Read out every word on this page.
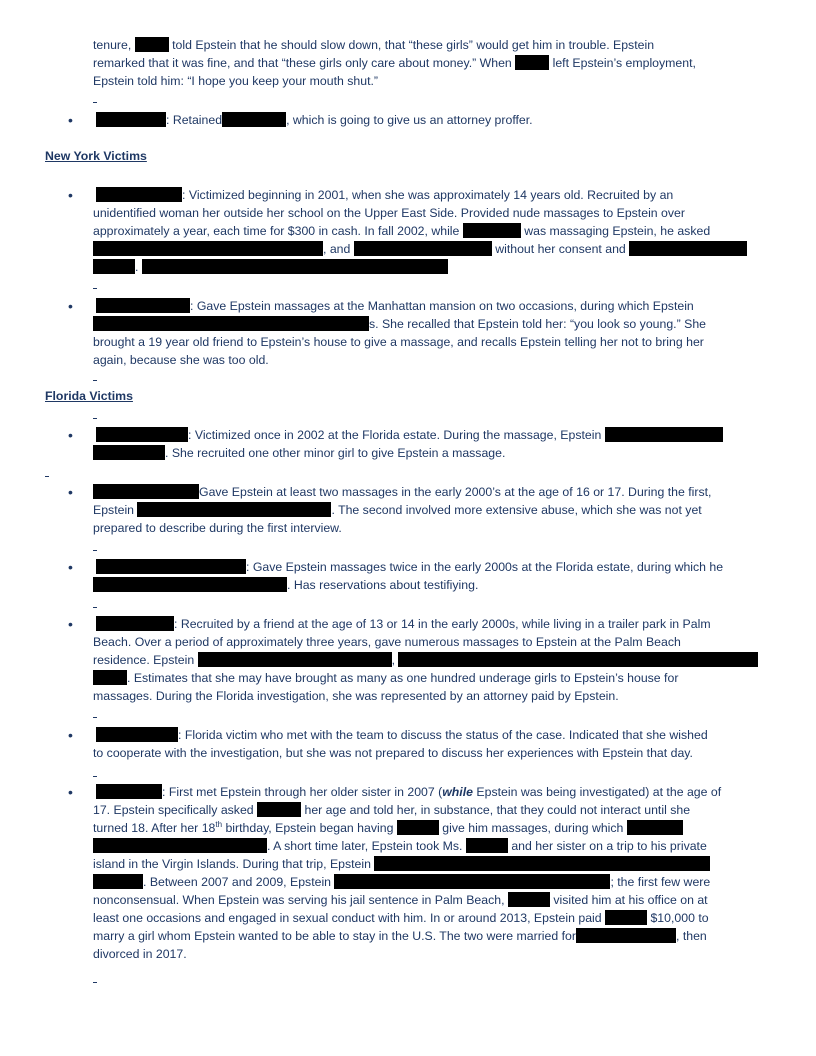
tenure,	told Epstein that he should slow down, that “these girls” would get him in trouble. Epstein
remarked that it was fine, and that “these girls only care about money.” When	left Epstein’s employment,
Epstein told him: “I hope you keep your mouth shut.”
•	: Retained	, which is going to give us an attorney proffer.
New York Victims
•	: Victimized beginning in 2001, when she was approximately 14 years old. Recruited by an
unidentified woman her outside her school on the Upper East Side. Provided nude massages to Epstein over
approximately a year, each time for $300 in cash. In fall 2002, while	was massaging Epstein, he asked
, and	without her consent and
.
•	: Gave Epstein massages at the Manhattan mansion on two occasions, during which Epstein
s. She recalled that Epstein told her: “you look so young.” She
brought a 19 year old friend to Epstein’s house to give a massage, and recalls Epstein telling her not to bring her
again, because she was too old.
Florida Victims
•	: Victimized once in 2002 at the Florida estate. During the massage, Epstein
. She recruited one other minor girl to give Epstein a massage.
•	Gave Epstein at least two massages in the early 2000’s at the age of 16 or 17. During the first,
Epstein	. The second involved more extensive abuse, which she was not yet
prepared to describe during the first interview.
•	: Gave Epstein massages twice in the early 2000s at the Florida estate, during which he
. Has reservations about testifiying.
•	: Recruited by a friend at the age of 13 or 14 in the early 2000s, while living in a trailer park in Palm
Beach. Over a period of approximately three years, gave numerous massages to Epstein at the Palm Beach
residence. Epstein	,
. Estimates that she may have brought as many as one hundred underage girls to Epstein’s house for
massages. During the Florida investigation, she was represented by an attorney paid by Epstein.
•	: Florida victim who met with the team to discuss the status of the case. Indicated that she wished
to cooperate with the investigation, but she was not prepared to discuss her experiences with Epstein that day.
•	: First met Epstein through her older sister in 2007 (while Epstein was being investigated) at the age of
17. Epstein specifically asked	her age and told her, in substance, that they could not interact until she
turned 18. After her 18th birthday, Epstein began having	give him massages, during which
. A short time later, Epstein took Ms.	and her sister on a trip to his private
island in the Virgin Islands. During that trip, Epstein
. Between 2007 and 2009, Epstein	; the first few were
nonconsensual. When Epstein was serving his jail sentence in Palm Beach,	visited him at his office on at
least one occasions and engaged in sexual conduct with him. In or around 2013, Epstein paid	$10,000 to
marry a girl whom Epstein wanted to be able to stay in the U.S. The two were married for	, then
divorced in 2017.
